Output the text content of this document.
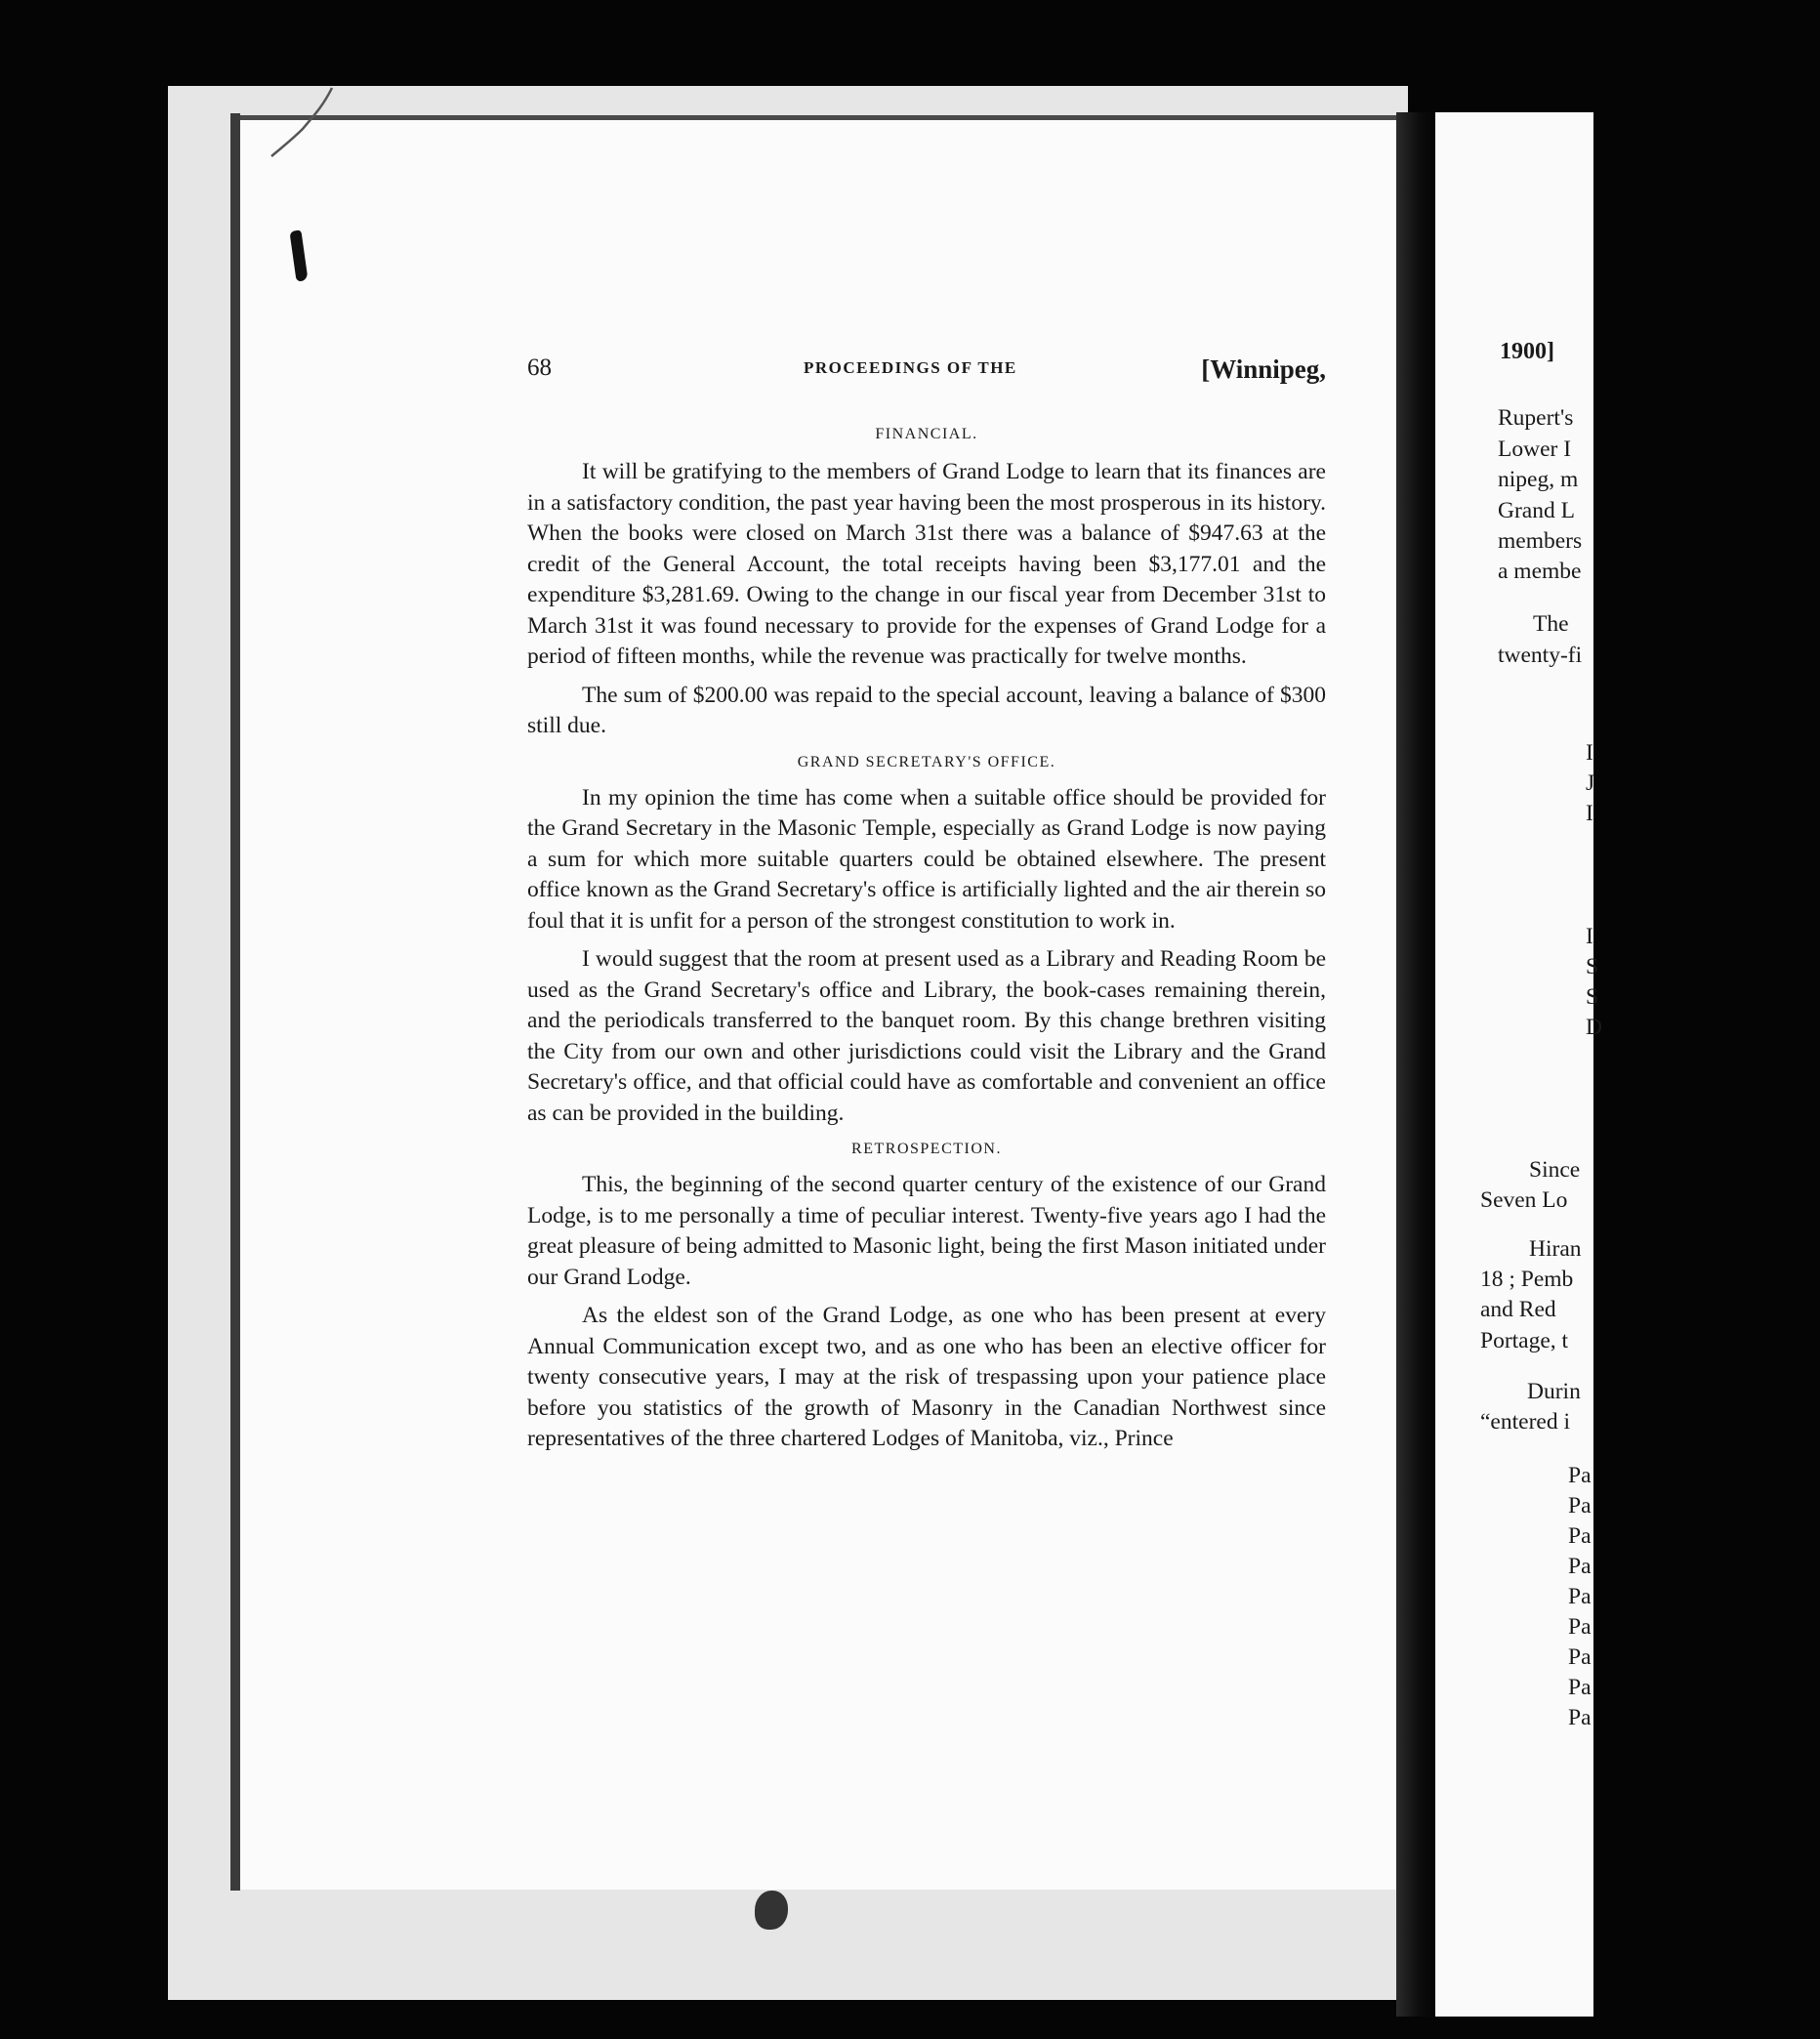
68	PROCEEDINGS OF THE	[Winnipeg,
FINANCIAL.

It will be gratifying to the members of Grand Lodge to learn that its finances are in a satisfactory condition, the past year having been the most prosperous in its history. When the books were closed on March 31st there was a balance of $947.63 at the credit of the General Account, the total receipts having been $3,177.01 and the expenditure $3,281.69. Owing to the change in our fiscal year from December 31st to March 31st it was found necessary to provide for the expenses of Grand Lodge for a period of fifteen months, while the revenue was practically for twelve months.

The sum of $200.00 was repaid to the special account, leaving a balance of $300 still due.

GRAND SECRETARY'S OFFICE.

In my opinion the time has come when a suitable office should be provided for the Grand Secretary in the Masonic Temple, especially as Grand Lodge is now paying a sum for which more suitable quarters could be obtained elsewhere. The present office known as the Grand Secretary's office is artificially lighted and the air therein so foul that it is unfit for a person of the strongest constitution to work in.

I would suggest that the room at present used as a Library and Reading Room be used as the Grand Secretary's office and Library, the book-cases remaining therein, and the periodicals transferred to the banquet room. By this change brethren visiting the City from our own and other jurisdictions could visit the Library and the Grand Secretary's office, and that official could have as comfortable and convenient an office as can be provided in the building.

RETROSPECTION.

This, the beginning of the second quarter century of the existence of our Grand Lodge, is to me personally a time of peculiar interest. Twenty-five years ago I had the great pleasure of being admitted to Masonic light, being the first Mason initiated under our Grand Lodge.

As the eldest son of the Grand Lodge, as one who has been present at every Annual Communication except two, and as one who has been an elective officer for twenty consecutive years, I may at the risk of trespassing upon your patience place before you statistics of the growth of Masonry in the Canadian Northwest since representatives of the three chartered Lodges of Manitoba, viz., Prince

1900]
Rupert's
Lower I
nipeg, m
Grand L
members
a membe
The
twenty-fi
I
J
I
I
S
S
D
Since
Seven Lo
Hiran
18 ; Pemb
and Red
Portage, t
Durin
“entered i
Pa
Pa
Pa
Pa
Pa
Pa
Pa
Pa
Pa
